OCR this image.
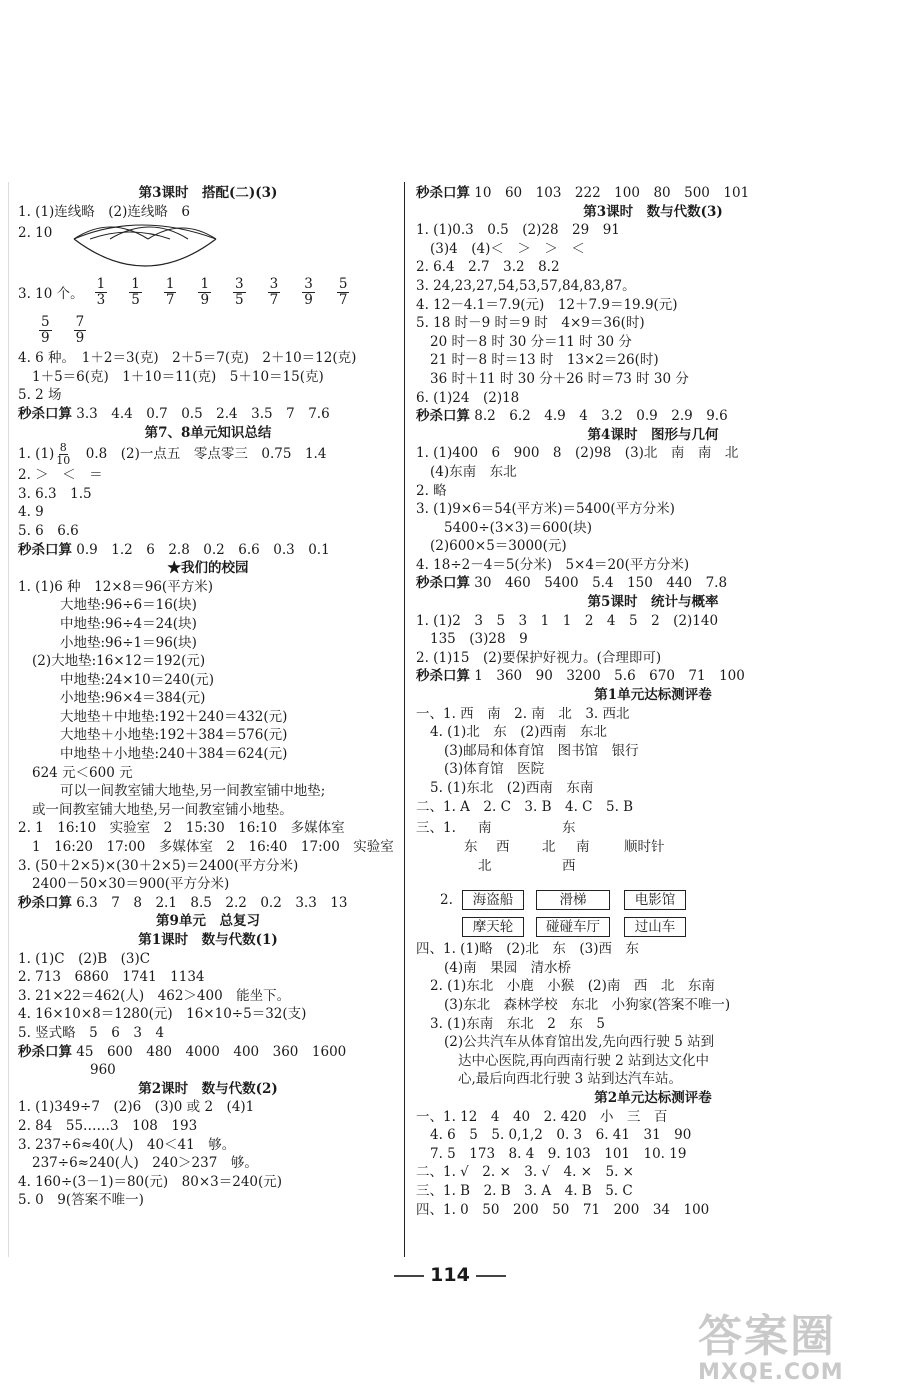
第3课时　搭配(二)(3)
1. (1)连线略　(2)连线略　6
2. 10
3. 10 个。 $\frac{1}{3} \frac{1}{5} \frac{1}{7} \frac{1}{9} \frac{3}{5} \frac{3}{7} \frac{3}{9} \frac{5}{7}$
$\frac{5}{9} \frac{7}{9}$
4. 6 种。　1＋2＝3(克)　2＋5＝7(克)　2＋10＝12(克)
1＋5＝6(克)　1＋10＝11(克)　5＋10＝15(克)
5. 2 场
秒杀口算 3.3　4.4　0.7　0.5　2.4　3.5　7　7.6
第7、8单元知识总结
1. $(1) \frac{8}{10}$ 　0.8　(2)一点五　零点零三　0.75　1.4
2. ＞　＜　＝
3. 6.3　1.5
4. 9
5. 6　6.6
秒杀口算 0.9　1.2　6　2.8　0.2　6.6　0.3　0.1
★我们的校园
1. (1)6 种　12×8＝96(平方米)
大地垫:96÷6＝16(块)
中地垫:96÷4＝24(块)
小地垫:96÷1＝96(块)
(2)大地垫:16×12＝192(元)
中地垫:24×10＝240(元)
小地垫:96×4＝384(元)
大地垫＋中地垫:192＋240＝432(元)
大地垫＋小地垫:192＋384＝576(元)
中地垫＋小地垫:240＋384＝624(元)
624 元＜600 元
可以一间教室铺大地垫,另一间教室铺中地垫;
或一间教室铺大地垫,另一间教室铺小地垫。
2. 1　16:10　实验室　2　15:30　16:10　多媒体室
1　16:20　17:00　多媒体室　2　16:40　17:00　实验室
3. (50＋2×5)×(30＋2×5)＝2400(平方分米)
2400－50×30＝900(平方分米)
秒杀口算 6.3　7　8　2.1　8.5　2.2　0.2　3.3　13
第9单元　总复习
第1课时　数与代数(1)
1. (1)C　(2)B　(3)C
2. 713　6860　1741　1134
3. 21×22＝462(人)　462＞400　能坐下。
4. 16×10×8＝1280(元)　16×10÷5＝32(支)
5. 竖式略　5　6　3　4
秒杀口算 45　600　480　4000　400　360　1600
960
第2课时　数与代数(2)
1. (1)349÷7　(2)6　(3)0 或 2　(4)1
2. 84　55……3　108　193
3. 237÷6≈40(人)　40＜41　够。
237÷6≈240(人)　240＞237　够。
4. 160÷(3－1)＝80(元)　80×3＝240(元)
5. 0　9(答案不唯一)
秒杀口算 10　60　103　222　100　80　500　101
第3课时　数与代数(3)
1. (1)0.3　0.5　(2)28　29　91
(3)4　(4)＜　＞　＞　＜
2. 6.4　2.7　3.2　8.2
3. 24,23,27,54,53,57,84,83,87。
4. 12－4.1＝7.9(元)　12＋7.9＝19.9(元)
5. 18 时－9 时＝9 时　4×9＝36(时)
20 时－8 时 30 分＝11 时 30 分
21 时－8 时＝13 时　13×2＝26(时)
36 时＋11 时 30 分＋26 时＝73 时 30 分
6. (1)24　(2)18
秒杀口算 8.2　6.2　4.9　4　3.2　0.9　2.9　9.6
第4课时　图形与几何
1. (1)400　6　900　8　(2)98　(3)北　南　南　北
(4)东南　东北
2. 略
3. (1)9×6＝54(平方米)＝5400(平方分米)
5400÷(3×3)＝600(块)
(2)600×5＝3000(元)
4. 18÷2－4＝5(分米)　5×4＝20(平方分米)
秒杀口算 30　460　5400　5.4　150　440　7.8
第5课时　统计与概率
1. (1)2　3　5　3　1　1　2　4　5　2　(2)140
135　(3)28　9
2. (1)15　(2)要保护好视力。(合理即可)
秒杀口算 1　360　90　3200　5.6　670　71　100
第1单元达标测评卷
一、1. 西　南　2. 南　北　3. 西北
4. (1)北　东　(2)西南　东北
(3)邮局和体育馆　图书馆　银行
(3)体育馆　医院
5. (1)东北　(2)西南　东南
二、1. A　2. C　3. B　4. C　5. B
三、1. 南	东
东 西 北 南	顺时针
北	西
2.	海盗船	滑梯	电影馆
摩天轮	碰碰车厅	过山车
四、1. (1)略　(2)北　东　(3)西　东
(4)南　果园　清水桥
2. (1)东北　小鹿　小猴　(2)南　西　北　东南
(3)东北　森林学校　东北　小狗家(答案不唯一)
3. (1)东南　东北　2　东　5
(2)公共汽车从体育馆出发,先向西行驶 5 站到
达中心医院,再向西南行驶 2 站到达文化中
心,最后向西北行驶 3 站到达汽车站。
第2单元达标测评卷
一、1. 12　4　40　2. 420　小　三　百
4. 6　5　5. 0,1,2　0. 3　6. 41　31　90
7. 5　173　8. 4　9. 103　101　10. 19
二、1. √　2. ×　3. √　4. ×　5. ×
三、1. B　2. B　3. A　4. B　5. C
四、1. 0　50　200　50　71　200　34　100
114
答案圈
MXQE.COM
